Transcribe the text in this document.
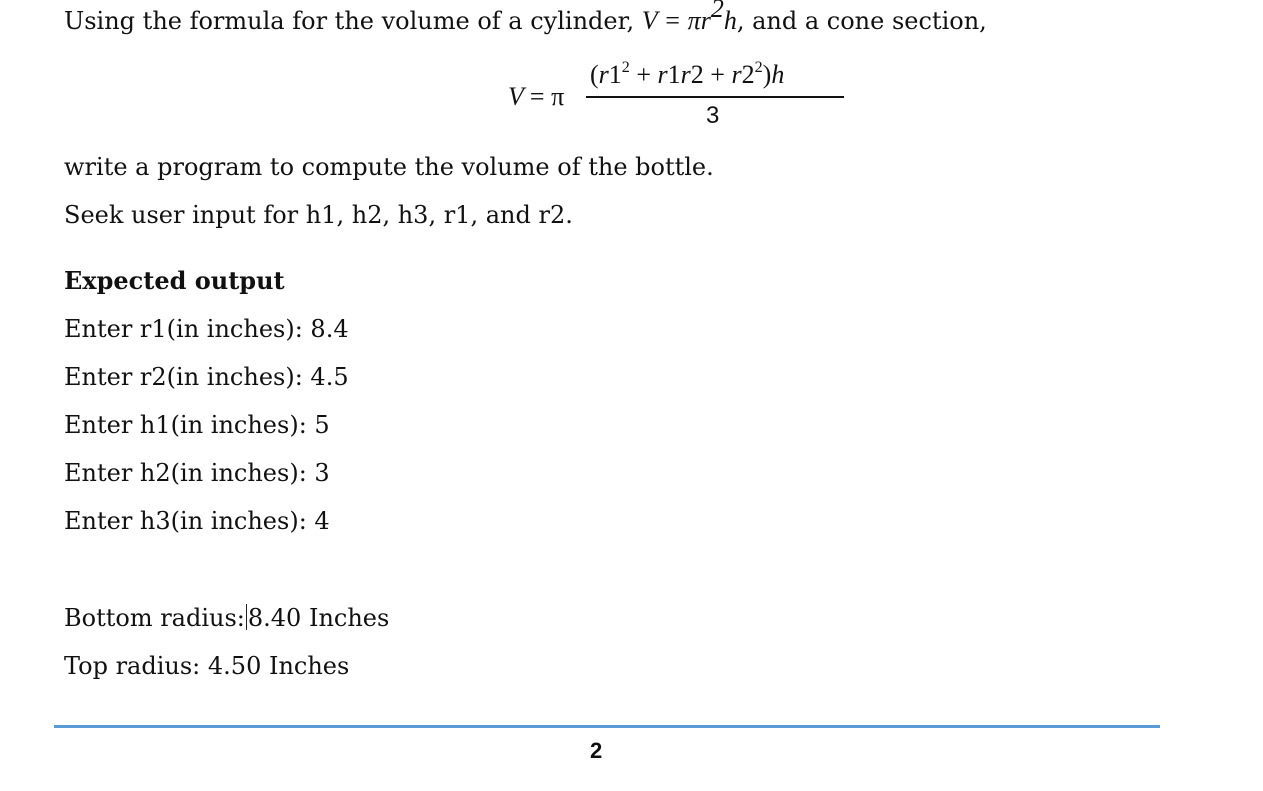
Using the formula for the volume of a cylinder, $V = \pi r^2h$, and a cone section,
V = π
$(r1^2 + r1r2 + r2^2)h$
3
write a program to compute the volume of the bottle.
Seek user input for h1, h2, h3, r1, and r2.
Expected output
Enter r1(in inches): 8.4
Enter r2(in inches): 4.5
Enter h1(in inches): 5
Enter h2(in inches): 3
Enter h3(in inches): 4
Bottom radius: 8.40 Inches
Top radius: 4.50 Inches
2
